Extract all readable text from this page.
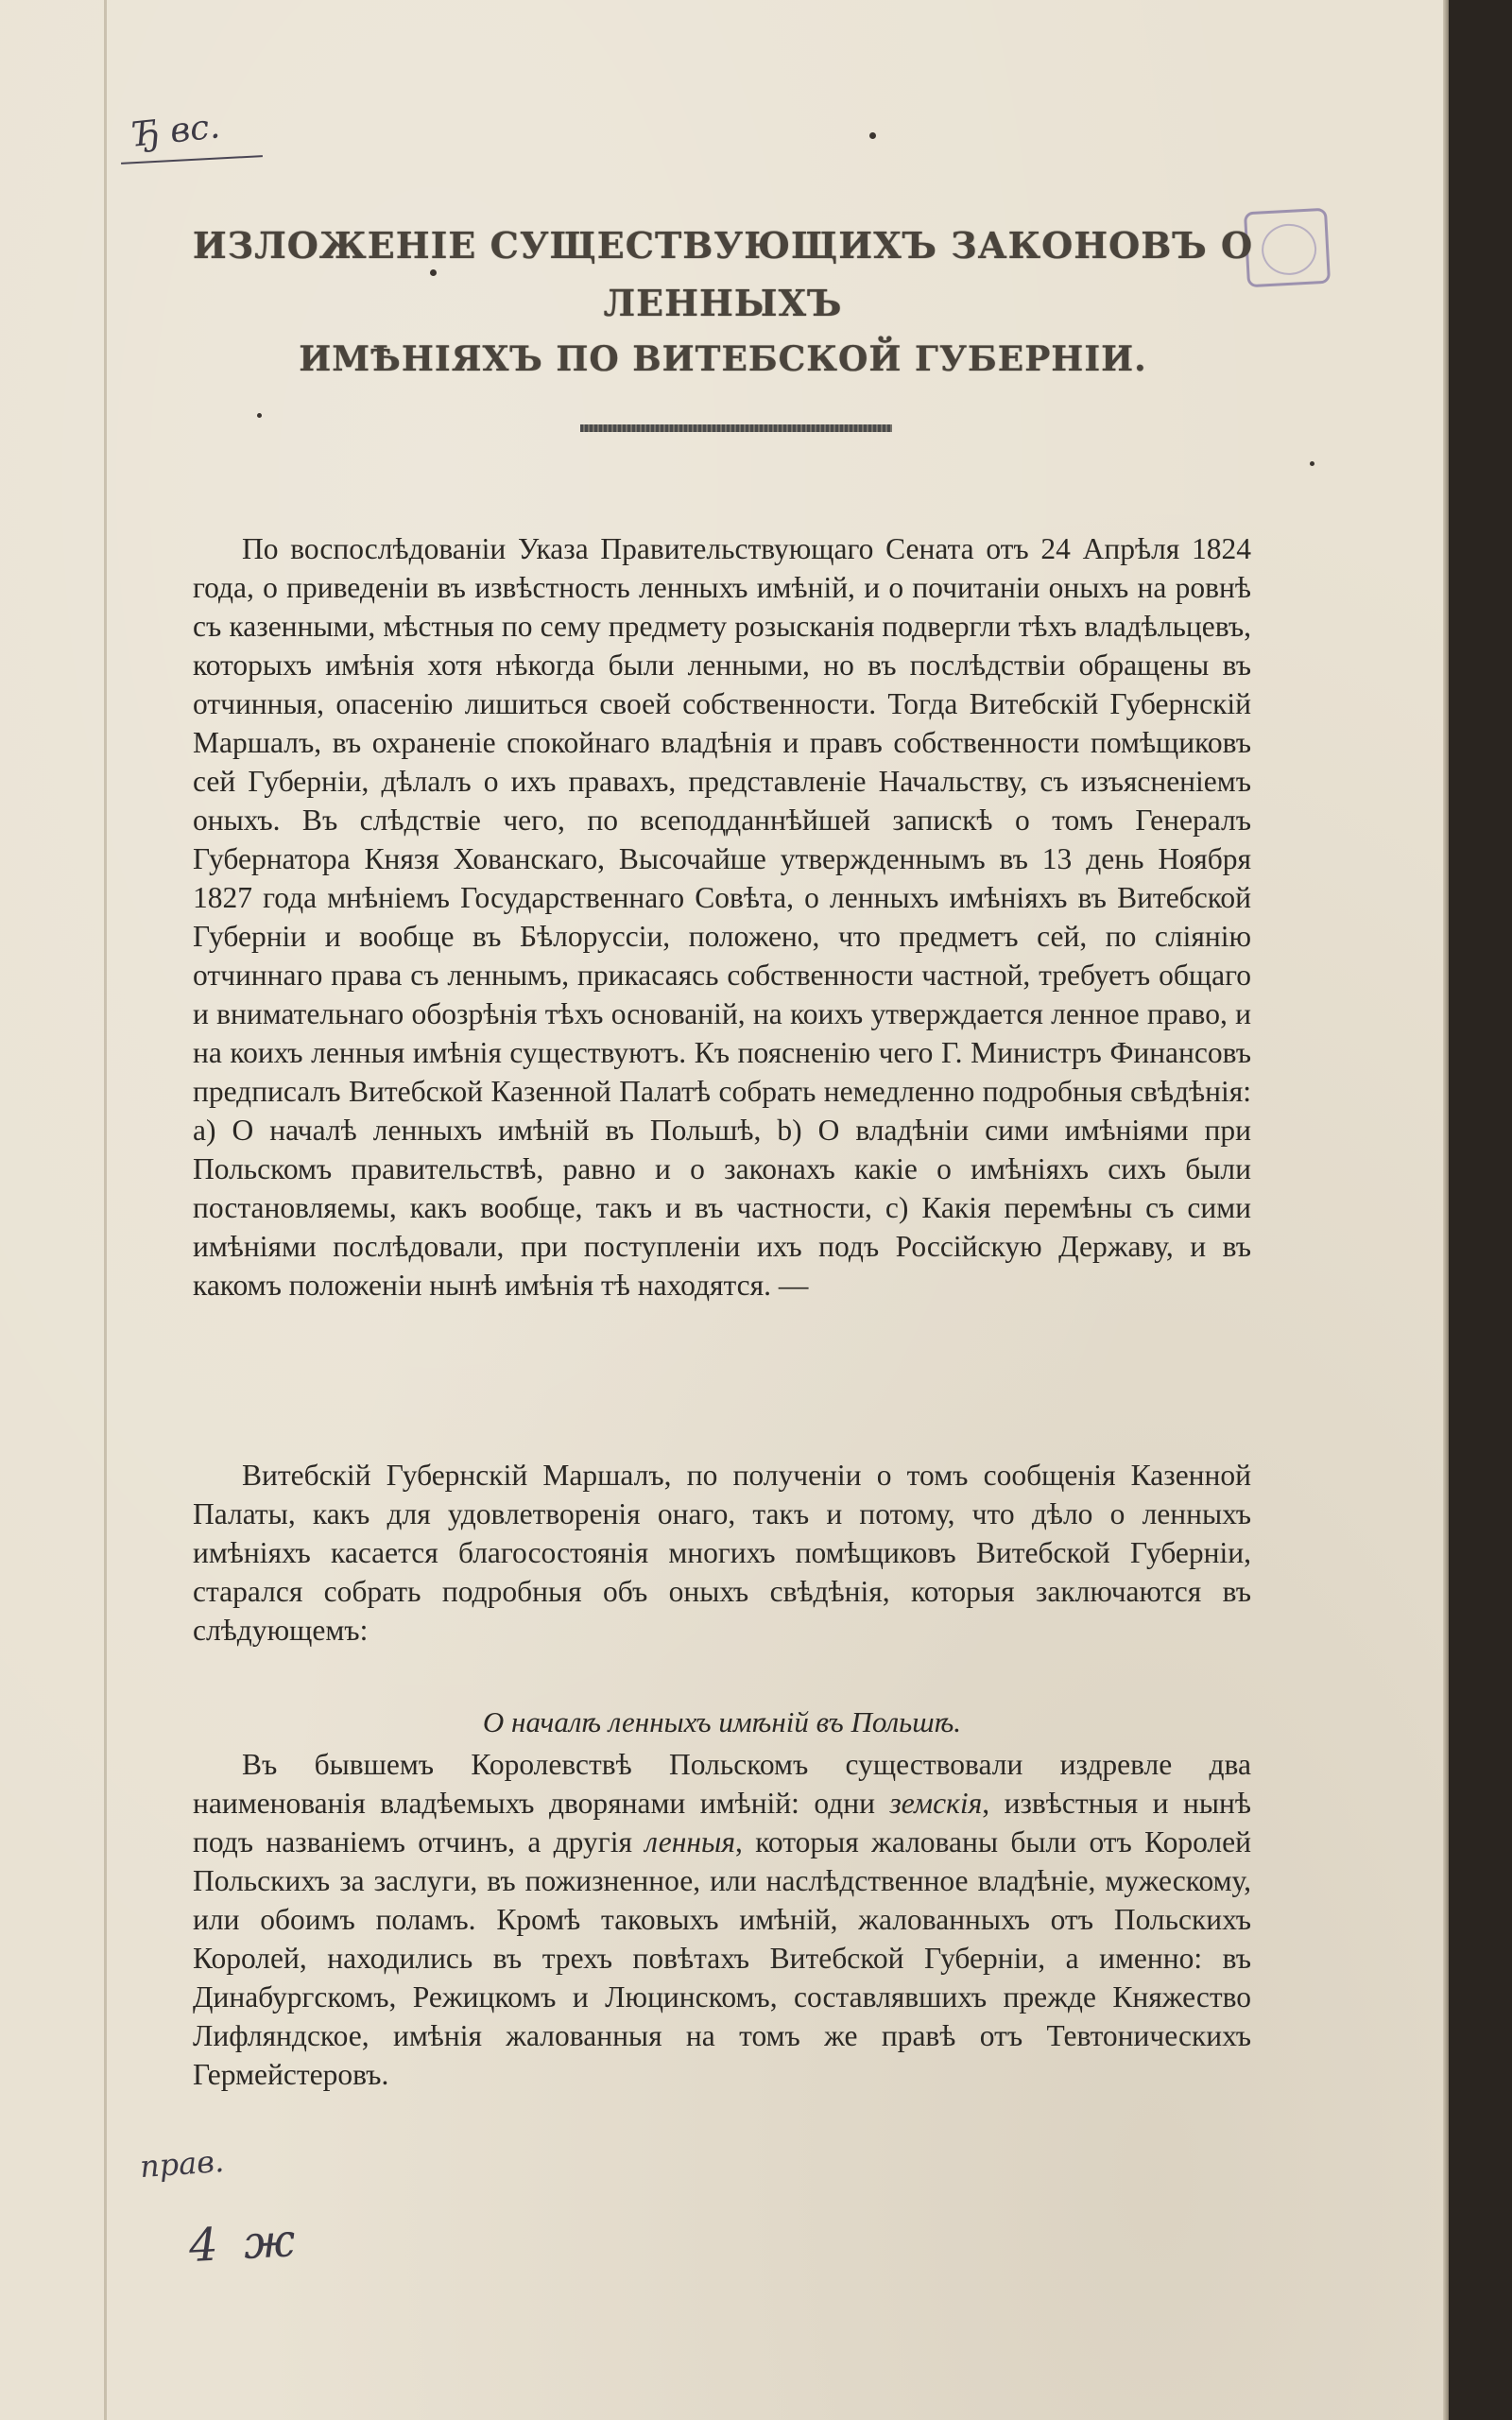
Ђ вс.
ИЗЛОЖЕНІЕ СУЩЕСТВУЮЩИХЪ ЗАКОНОВЪ О ЛЕННЫХЪ
ИМѢНІЯХЪ ПО ВИТЕБСКОЙ ГУБЕРНІИ.

По воспослѣдованіи Указа Правительствующаго Сената отъ 24 Апрѣля 1824 года, о приведеніи въ извѣстность ленныхъ имѣній, и о почитаніи оныхъ на ровнѣ съ казенными, мѣстныя по сему предмету розысканія подвергли тѣхъ владѣльцевъ, которыхъ имѣнія хотя нѣкогда были ленными, но въ послѣдствіи обращены въ отчинныя, опасенію лишиться своей собственности. Тогда Витебскій Губернскій Маршалъ, въ охраненіе спокойнаго владѣнія и правъ собственности помѣщиковъ сей Губерніи, дѣлалъ о ихъ правахъ, представленіе Начальству, съ изъясненіемъ оныхъ. Въ слѣдствіе чего, по всеподданнѣйшей запискѣ о томъ Генералъ Губернатора Князя Хованскаго, Высочайше утвержденнымъ въ 13 день Ноября 1827 года мнѣніемъ Государственнаго Совѣта, о ленныхъ имѣніяхъ въ Витебской Губерніи и вообще въ Бѣлоруссіи, положено, что предметъ сей, по сліянію отчиннаго права съ леннымъ, прикасаясь собственности частной, требуетъ общаго и внимательнаго обозрѣнія тѣхъ основаній, на коихъ утверждается ленное право, и на коихъ ленныя имѣнія существуютъ. Къ поясненію чего Г. Министръ Финансовъ предписалъ Витебской Казенной Палатѣ собрать немедленно подробныя свѣдѣнія: а) О началѣ ленныхъ имѣній въ Польшѣ, b) О владѣніи сими имѣніями при Польскомъ правительствѣ, равно и о законахъ какіе о имѣніяхъ сихъ были постановляемы, какъ вообще, такъ и въ частности, с) Какія перемѣны съ сими имѣніями послѣдовали, при поступленіи ихъ подъ Россійскую Державу, и въ какомъ положеніи нынѣ имѣнія тѣ находятся. —

Витебскій Губернскій Маршалъ, по полученіи о томъ сообщенія Казенной Палаты, какъ для удовлетворенія онаго, такъ и потому, что дѣло о ленныхъ имѣніяхъ касается благосостоянія многихъ помѣщиковъ Витебской Губерніи, старался собрать подробныя объ оныхъ свѣдѣнія, которыя заключаются въ слѣдующемъ:

О началѣ ленныхъ имѣній въ Польшѣ.

Въ бывшемъ Королевствѣ Польскомъ существовали издревле два наименованія владѣемыхъ дворянами имѣній: одни земскія, извѣстныя и нынѣ подъ названіемъ отчинъ, а другія ленныя, которыя жалованы были отъ Королей Польскихъ за заслуги, въ пожизненное, или наслѣдственное владѣніе, мужескому, или обоимъ поламъ. Кромѣ таковыхъ имѣній, жалованныхъ отъ Польскихъ Королей, находились въ трехъ повѣтахъ Витебской Губерніи, а именно: въ Динабургскомъ, Режицкомъ и Люцинскомъ, составлявшихъ прежде Княжество Лифляндское, имѣнія жалованныя на томъ же правѣ отъ Тевтоническихъ Гермейстеровъ.

прав.
4 ж
